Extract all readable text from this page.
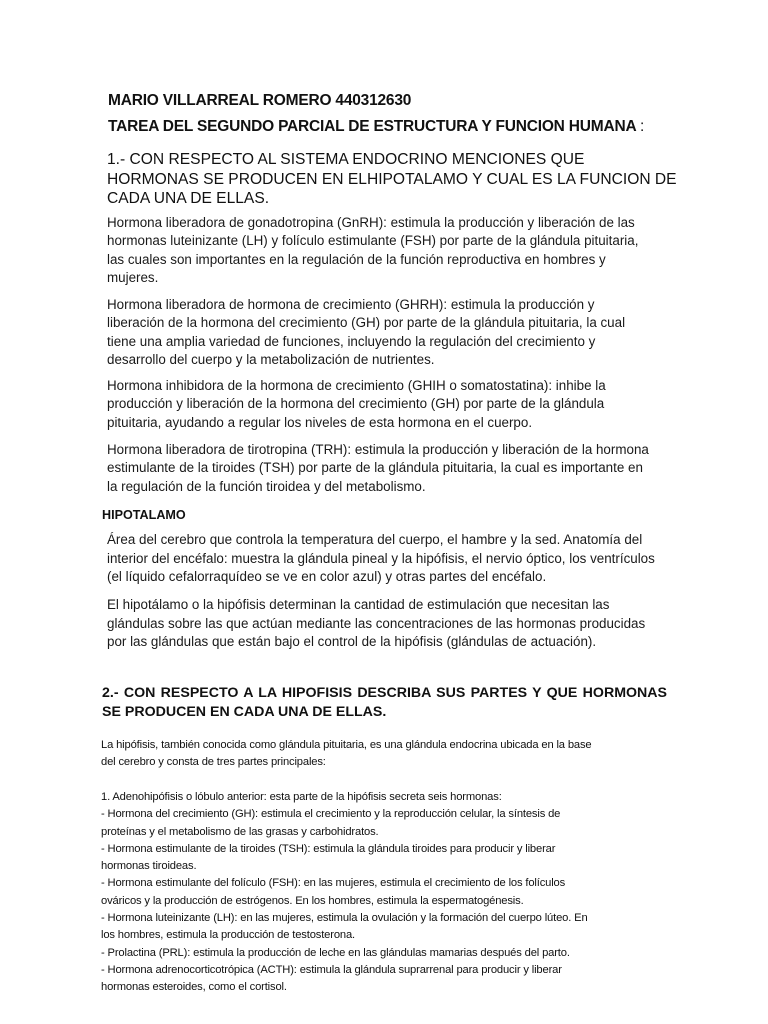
MARIO VILLARREAL ROMERO 440312630
TAREA DEL SEGUNDO PARCIAL DE ESTRUCTURA Y FUNCION HUMANA :
1.- CON RESPECTO AL SISTEMA ENDOCRINO MENCIONES QUE HORMONAS SE PRODUCEN EN ELHIPOTALAMO Y CUAL ES LA FUNCION DE CADA UNA DE ELLAS.
Hormona liberadora de gonadotropina (GnRH): estimula la producción y liberación de las hormonas luteinizante (LH) y folículo estimulante (FSH) por parte de la glándula pituitaria, las cuales son importantes en la regulación de la función reproductiva en hombres y mujeres.
Hormona liberadora de hormona de crecimiento (GHRH): estimula la producción y liberación de la hormona del crecimiento (GH) por parte de la glándula pituitaria, la cual tiene una amplia variedad de funciones, incluyendo la regulación del crecimiento y desarrollo del cuerpo y la metabolización de nutrientes.
Hormona inhibidora de la hormona de crecimiento (GHIH o somatostatina): inhibe la producción y liberación de la hormona del crecimiento (GH) por parte de la glándula pituitaria, ayudando a regular los niveles de esta hormona en el cuerpo.
Hormona liberadora de tirotropina (TRH): estimula la producción y liberación de la hormona estimulante de la tiroides (TSH) por parte de la glándula pituitaria, la cual es importante en la regulación de la función tiroidea y del metabolismo.
HIPOTALAMO
Área del cerebro que controla la temperatura del cuerpo, el hambre y la sed. Anatomía del interior del encéfalo: muestra la glándula pineal y la hipófisis, el nervio óptico, los ventrículos (el líquido cefalorraquídeo se ve en color azul) y otras partes del encéfalo.
El hipotálamo o la hipófisis determinan la cantidad de estimulación que necesitan las glándulas sobre las que actúan mediante las concentraciones de las hormonas producidas por las glándulas que están bajo el control de la hipófisis (glándulas de actuación).
2.- CON RESPECTO A LA HIPOFISIS DESCRIBA SUS PARTES Y QUE HORMONAS SE PRODUCEN EN CADA UNA DE ELLAS.
La hipófisis, también conocida como glándula pituitaria, es una glándula endocrina ubicada en la base
del cerebro y consta de tres partes principales:
1. Adenohipófisis o lóbulo anterior: esta parte de la hipófisis secreta seis hormonas:
- Hormona del crecimiento (GH): estimula el crecimiento y la reproducción celular, la síntesis de
proteínas y el metabolismo de las grasas y carbohidratos.
- Hormona estimulante de la tiroides (TSH): estimula la glándula tiroides para producir y liberar
hormonas tiroideas.
- Hormona estimulante del folículo (FSH): en las mujeres, estimula el crecimiento de los folículos
ováricos y la producción de estrógenos. En los hombres, estimula la espermatogénesis.
- Hormona luteinizante (LH): en las mujeres, estimula la ovulación y la formación del cuerpo lúteo. En
los hombres, estimula la producción de testosterona.
- Prolactina (PRL): estimula la producción de leche en las glándulas mamarias después del parto.
- Hormona adrenocorticotrópica (ACTH): estimula la glándula suprarrenal para producir y liberar
hormonas esteroides, como el cortisol.
